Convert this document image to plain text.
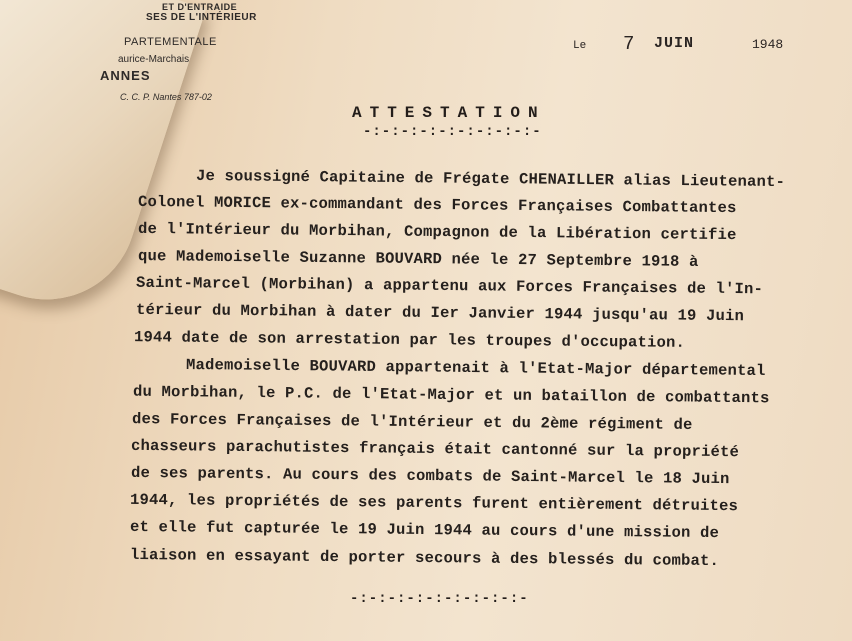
ET D'ENTRAIDE
SES DE L'INTÉRIEUR
PARTEMENTALE
aurice-Marchais
ANNES
C. C. P. Nantes 787-02
Le 7 JUIN	1948
ATTESTATION
-:-:-:-:-:-:-:-:-:-
Je soussigné Capitaine de Frégate CHENAILLER alias Lieutenant-
Colonel MORICE ex-commandant des Forces Françaises Combattantes
de l'Intérieur du Morbihan, Compagnon de la Libération certifie
que Mademoiselle Suzanne BOUVARD née le 27 Septembre 1918 à
Saint-Marcel (Morbihan) a appartenu aux Forces Françaises de l'In-
térieur du Morbihan à dater du Ier Janvier 1944 jusqu'au 19 Juin
1944 date de son arrestation par les troupes d'occupation.
Mademoiselle BOUVARD appartenait à l'Etat-Major départemental
du Morbihan, le P.C. de l'Etat-Major et un bataillon de combattants
des Forces Françaises de l'Intérieur et du 2ème régiment de
chasseurs parachutistes français était cantonné sur la propriété
de ses parents. Au cours des combats de Saint-Marcel le 18 Juin
1944, les propriétés de ses parents furent entièrement détruites
et elle fut capturée le 19 Juin 1944 au cours d'une mission de
liaison en essayant de porter secours à des blessés du combat.
-:-:-:-:-:-:-:-:-:-
